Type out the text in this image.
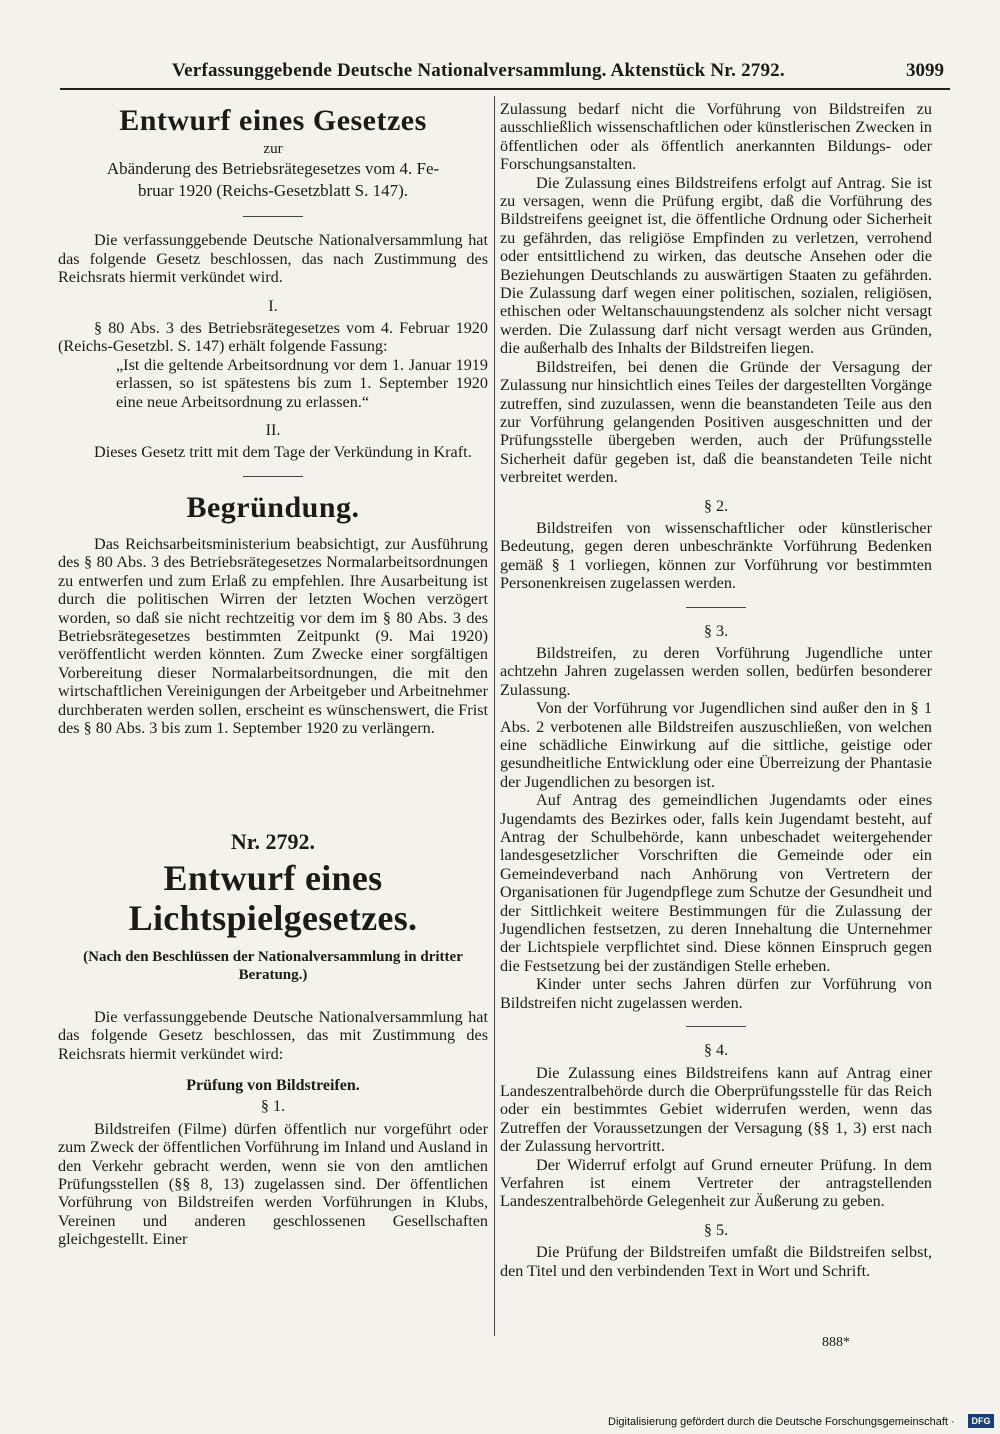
Verfassunggebende Deutsche Nationalversammlung. Aktenstück Nr. 2792.	3099
Entwurf eines Gesetzes
zur
Abänderung des Betriebsrätegesetzes vom 4. Fe-
bruar 1920 (Reichs-Gesetzblatt S. 147).

Die verfassunggebende Deutsche Nationalversammlung hat das folgende Gesetz beschlossen, das nach Zustimmung des Reichsrats hiermit verkündet wird.

I.

§ 80 Abs. 3 des Betriebsrätegesetzes vom 4. Februar 1920 (Reichs-Gesetzbl. S. 147) erhält folgende Fassung:

„Ist die geltende Arbeitsordnung vor dem 1. Januar 1919 erlassen, so ist spätestens bis zum 1. September 1920 eine neue Arbeitsordnung zu erlassen.“

II.

Dieses Gesetz tritt mit dem Tage der Verkündung in Kraft.

Begründung.

Das Reichsarbeitsministerium beabsichtigt, zur Ausführung des § 80 Abs. 3 des Betriebsrätegesetzes Normalarbeitsordnungen zu entwerfen und zum Erlaß zu empfehlen. Ihre Ausarbeitung ist durch die politischen Wirren der letzten Wochen verzögert worden, so daß sie nicht rechtzeitig vor dem im § 80 Abs. 3 des Betriebsrätegesetzes bestimmten Zeitpunkt (9. Mai 1920) veröffentlicht werden könnten. Zum Zwecke einer sorgfältigen Vorbereitung dieser Normalarbeitsordnungen, die mit den wirtschaftlichen Vereinigungen der Arbeitgeber und Arbeitnehmer durchberaten werden sollen, erscheint es wünschenswert, die Frist des § 80 Abs. 3 bis zum 1. September 1920 zu verlängern.

Nr. 2792.
Entwurf eines Lichtspielgesetzes.
(Nach den Beschlüssen der Nationalversammlung in dritter Beratung.)

Die verfassunggebende Deutsche Nationalversammlung hat das folgende Gesetz beschlossen, das mit Zustimmung des Reichsrats hiermit verkündet wird:

Prüfung von Bildstreifen.
§ 1.

Bildstreifen (Filme) dürfen öffentlich nur vorgeführt oder zum Zweck der öffentlichen Vorführung im Inland und Ausland in den Verkehr gebracht werden, wenn sie von den amtlichen Prüfungsstellen (§§ 8, 13) zugelassen sind. Der öffentlichen Vorführung von Bildstreifen werden Vorführungen in Klubs, Vereinen und anderen geschlossenen Gesellschaften gleichgestellt. Einer

Zulassung bedarf nicht die Vorführung von Bildstreifen zu ausschließlich wissenschaftlichen oder künstlerischen Zwecken in öffentlichen oder als öffentlich anerkannten Bildungs- oder Forschungsanstalten.

Die Zulassung eines Bildstreifens erfolgt auf Antrag. Sie ist zu versagen, wenn die Prüfung ergibt, daß die Vorführung des Bildstreifens geeignet ist, die öffentliche Ordnung oder Sicherheit zu gefährden, das religiöse Empfinden zu verletzen, verrohend oder entsittlichend zu wirken, das deutsche Ansehen oder die Beziehungen Deutschlands zu auswärtigen Staaten zu gefährden. Die Zulassung darf wegen einer politischen, sozialen, religiösen, ethischen oder Weltanschauungstendenz als solcher nicht versagt werden. Die Zulassung darf nicht versagt werden aus Gründen, die außerhalb des Inhalts der Bildstreifen liegen.

Bildstreifen, bei denen die Gründe der Versagung der Zulassung nur hinsichtlich eines Teiles der dargestellten Vorgänge zutreffen, sind zuzulassen, wenn die beanstandeten Teile aus den zur Vorführung gelangenden Positiven ausgeschnitten und der Prüfungsstelle übergeben werden, auch der Prüfungsstelle Sicherheit dafür gegeben ist, daß die beanstandeten Teile nicht verbreitet werden.

§ 2.

Bildstreifen von wissenschaftlicher oder künstlerischer Bedeutung, gegen deren unbeschränkte Vorführung Bedenken gemäß § 1 vorliegen, können zur Vorführung vor bestimmten Personenkreisen zugelassen werden.

§ 3.

Bildstreifen, zu deren Vorführung Jugendliche unter achtzehn Jahren zugelassen werden sollen, bedürfen besonderer Zulassung.

Von der Vorführung vor Jugendlichen sind außer den in § 1 Abs. 2 verbotenen alle Bildstreifen auszuschließen, von welchen eine schädliche Einwirkung auf die sittliche, geistige oder gesundheitliche Entwicklung oder eine Überreizung der Phantasie der Jugendlichen zu besorgen ist.

Auf Antrag des gemeindlichen Jugendamts oder eines Jugendamts des Bezirkes oder, falls kein Jugendamt besteht, auf Antrag der Schulbehörde, kann unbeschadet weitergehender landesgesetzlicher Vorschriften die Gemeinde oder ein Gemeindeverband nach Anhörung von Vertretern der Organisationen für Jugendpflege zum Schutze der Gesundheit und der Sittlichkeit weitere Bestimmungen für die Zulassung der Jugendlichen festsetzen, zu deren Innehaltung die Unternehmer der Lichtspiele verpflichtet sind. Diese können Einspruch gegen die Festsetzung bei der zuständigen Stelle erheben.

Kinder unter sechs Jahren dürfen zur Vorführung von Bildstreifen nicht zugelassen werden.

§ 4.

Die Zulassung eines Bildstreifens kann auf Antrag einer Landeszentralbehörde durch die Oberprüfungsstelle für das Reich oder ein bestimmtes Gebiet widerrufen werden, wenn das Zutreffen der Voraussetzungen der Versagung (§§ 1, 3) erst nach der Zulassung hervortritt.

Der Widerruf erfolgt auf Grund erneuter Prüfung. In dem Verfahren ist einem Vertreter der antragstellenden Landeszentralbehörde Gelegenheit zur Äußerung zu geben.

§ 5.

Die Prüfung der Bildstreifen umfaßt die Bildstreifen selbst, den Titel und den verbindenden Text in Wort und Schrift.

888*
Digitalisierung gefördert durch die Deutsche Forschungsgemeinschaft ·	DFG
